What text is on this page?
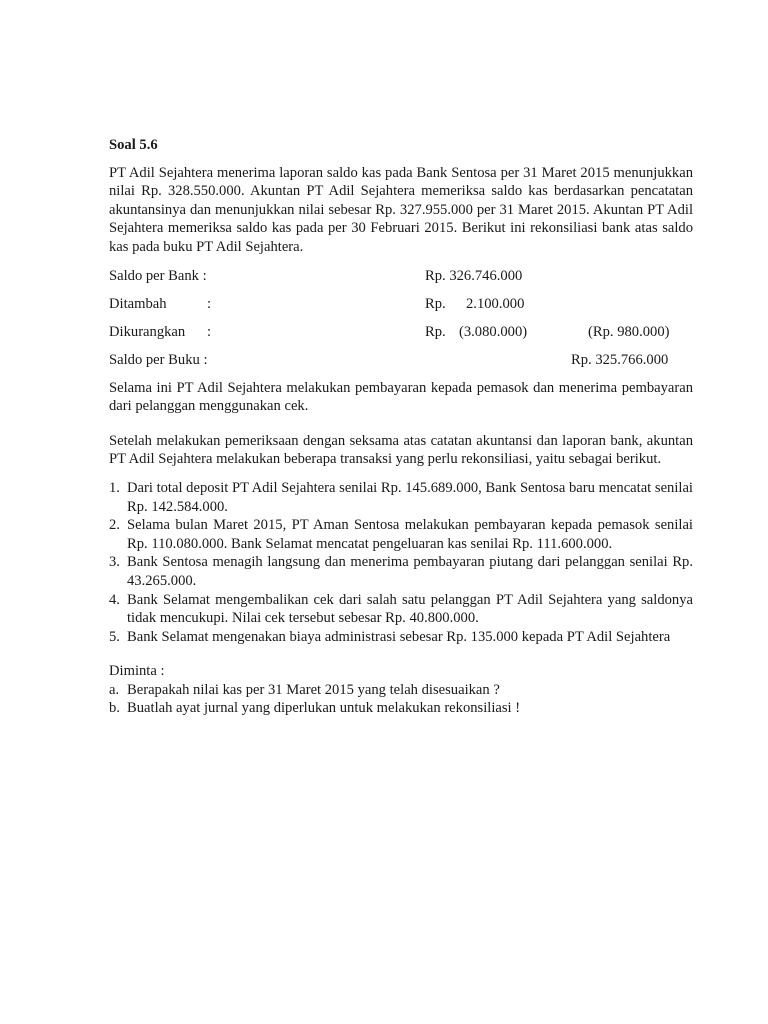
Soal 5.6

PT Adil Sejahtera menerima laporan saldo kas pada Bank Sentosa per 31 Maret 2015 menunjukkan nilai Rp. 328.550.000. Akuntan PT Adil Sejahtera memeriksa saldo kas berdasarkan pencatatan akuntansinya dan menunjukkan nilai sebesar Rp. 327.955.000 per 31 Maret 2015. Akuntan PT Adil Sejahtera memeriksa saldo kas pada per 30 Februari 2015. Berikut ini rekonsiliasi bank atas saldo kas pada buku PT Adil Sejahtera.

Saldo per Bank :	Rp. 326.746.000
Ditambah	:	Rp. 2.100.000
Dikurangkan :	Rp. (3.080.000)	(Rp. 980.000)
Saldo per Buku :	Rp. 325.766.000

Selama ini PT Adil Sejahtera melakukan pembayaran kepada pemasok dan menerima pembayaran dari pelanggan menggunakan cek.

Setelah melakukan pemeriksaan dengan seksama atas catatan akuntansi dan laporan bank, akuntan PT Adil Sejahtera melakukan beberapa transaksi yang perlu rekonsiliasi, yaitu sebagai berikut.

1. Dari total deposit PT Adil Sejahtera senilai Rp. 145.689.000, Bank Sentosa baru mencatat senilai Rp. 142.584.000.
2. Selama bulan Maret 2015, PT Aman Sentosa melakukan pembayaran kepada pemasok senilai Rp. 110.080.000. Bank Selamat mencatat pengeluaran kas senilai Rp. 111.600.000.
3. Bank Sentosa menagih langsung dan menerima pembayaran piutang dari pelanggan senilai Rp. 43.265.000.
4. Bank Selamat mengembalikan cek dari salah satu pelanggan PT Adil Sejahtera yang saldonya tidak mencukupi. Nilai cek tersebut sebesar Rp. 40.800.000.
5. Bank Selamat mengenakan biaya administrasi sebesar Rp. 135.000 kepada PT Adil Sejahtera
Diminta :
a. Berapakah nilai kas per 31 Maret 2015 yang telah disesuaikan ?
b. Buatlah ayat jurnal yang diperlukan untuk melakukan rekonsiliasi !
